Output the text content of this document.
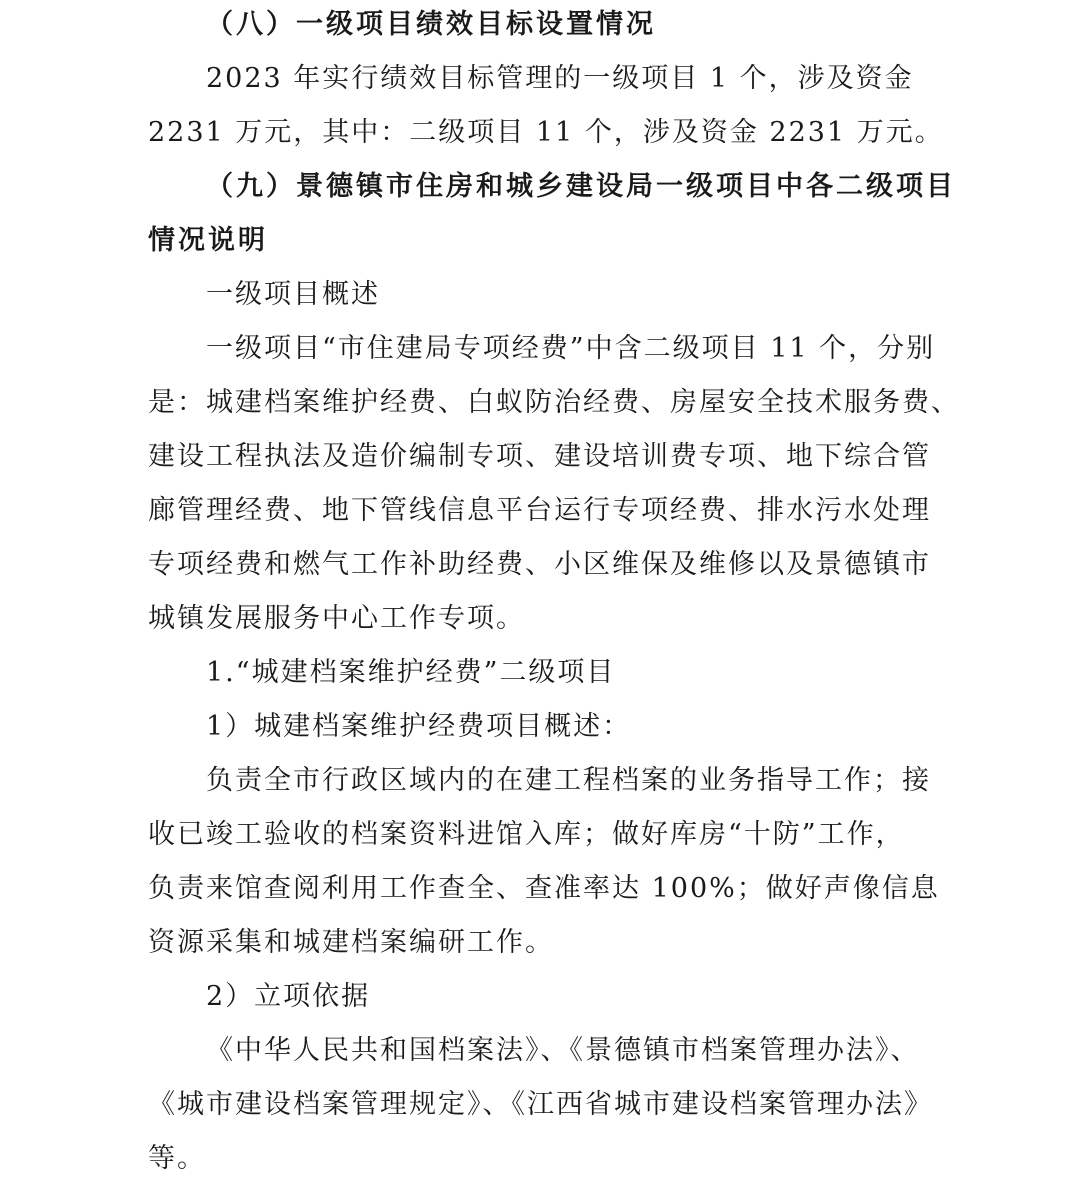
（八）一级项目绩效目标设置情况
2023 年实行绩效目标管理的一级项目 1 个，涉及资金
2231 万元，其中：二级项目 11 个，涉及资金 2231 万元。
（九）景德镇市住房和城乡建设局一级项目中各二级项目
情况说明
一级项目概述
一级项目“市住建局专项经费”中含二级项目 11 个，分别
是：城建档案维护经费、白蚁防治经费、房屋安全技术服务费、
建设工程执法及造价编制专项、建设培训费专项、地下综合管
廊管理经费、地下管线信息平台运行专项经费、排水污水处理
专项经费和燃气工作补助经费、小区维保及维修以及景德镇市
城镇发展服务中心工作专项。
1.“城建档案维护经费”二级项目
1）城建档案维护经费项目概述：
负责全市行政区域内的在建工程档案的业务指导工作；接
收已竣工验收的档案资料进馆入库；做好库房“十防”工作，
负责来馆查阅利用工作查全、查准率达 100%；做好声像信息
资源采集和城建档案编研工作。
2）立项依据
《中华人民共和国档案法》、《景德镇市档案管理办法》、
《城市建设档案管理规定》、《江西省城市建设档案管理办法》
等。
